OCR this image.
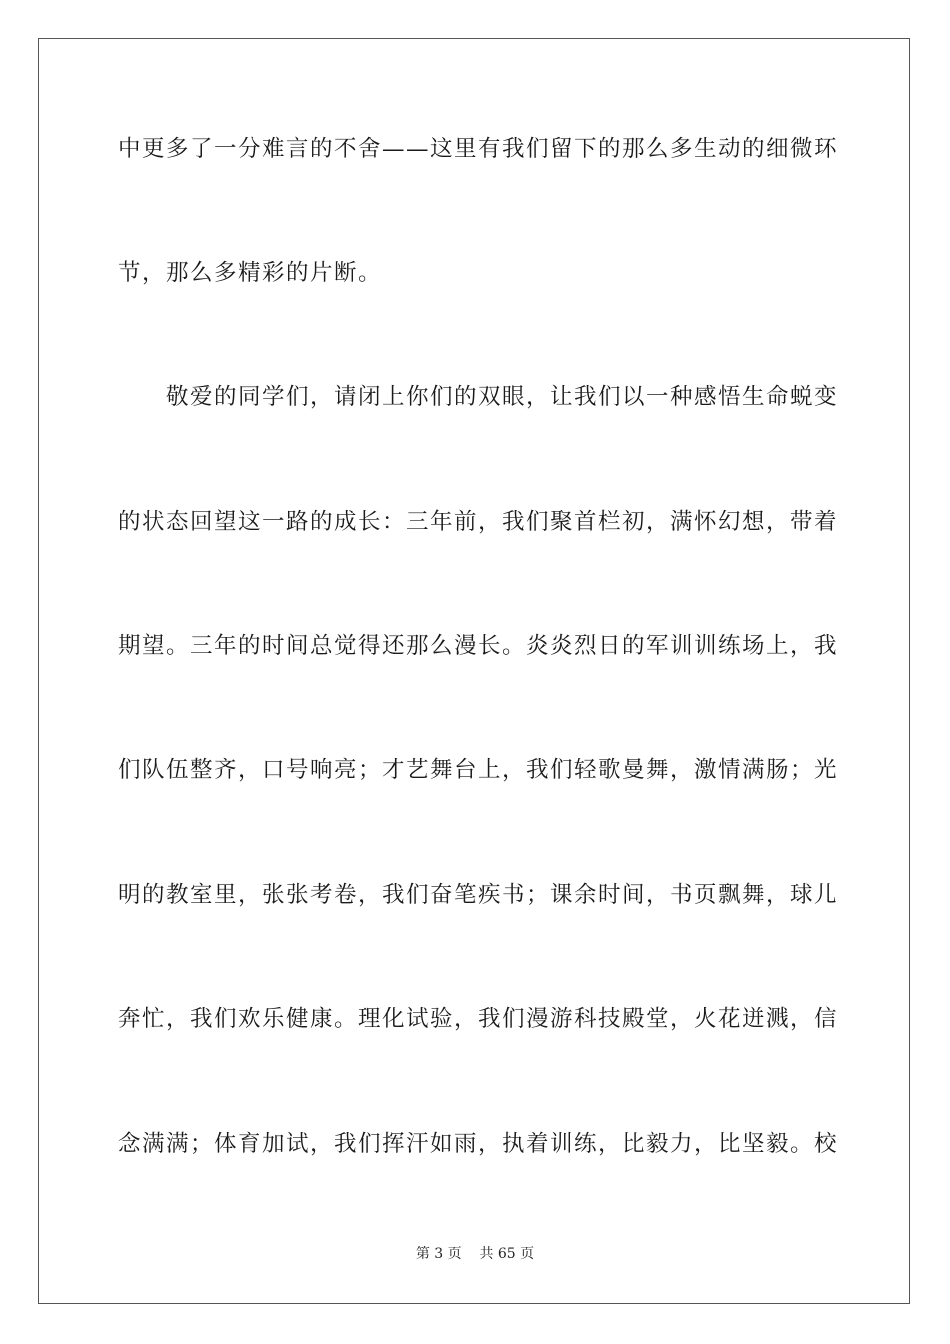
中更多了一分难言的不舍——这里有我们留下的那么多生动的细微环
节，那么多精彩的片断。
　　敬爱的同学们，请闭上你们的双眼，让我们以一种感悟生命蜕变
的状态回望这一路的成长：三年前，我们聚首栏初，满怀幻想，带着
期望。三年的时间总觉得还那么漫长。炎炎烈日的军训训练场上，我
们队伍整齐，口号响亮；才艺舞台上，我们轻歌曼舞，激情满肠；光
明的教室里，张张考卷，我们奋笔疾书；课余时间，书页飘舞，球儿
奔忙，我们欢乐健康。理化试验，我们漫游科技殿堂，火花迸溅，信
念满满；体育加试，我们挥汗如雨，执着训练，比毅力，比坚毅。校
第 3 页 共 65 页
